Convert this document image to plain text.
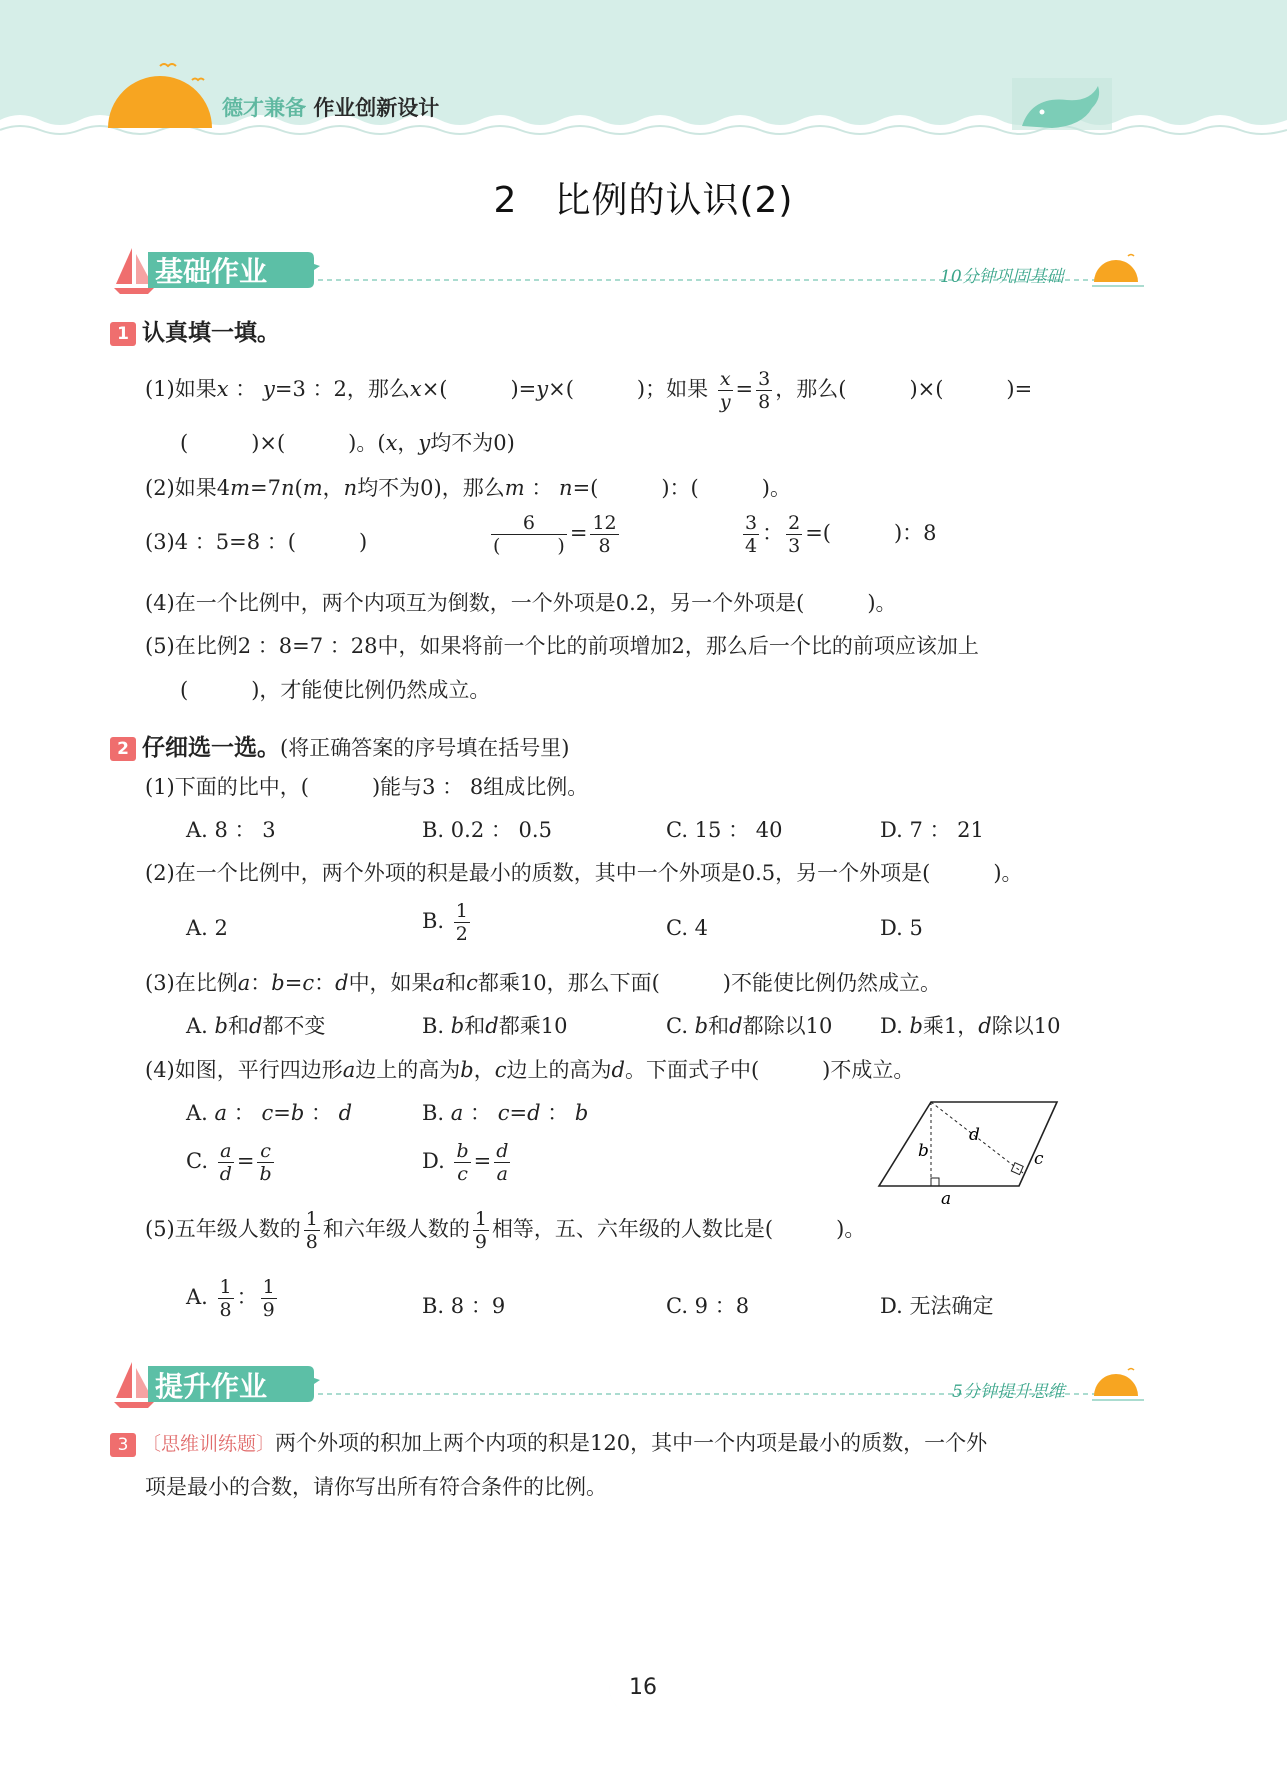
德才兼备 作业创新设计
2　比例的认识(2)
基础作业	10分钟巩固基础
1 认真填一填。
(1)如果x ： y=3 ：2，那么x×(　　　)=y×(　　　)；如果 $\frac{x}{y} = \frac{3}{8}$ ，那么(　　　)×(　　　)=
(　　　)×(　　　)。(x，y均不为0)
(2)如果4m=7n(m，n均不为0)，那么m ： n=(　　　)：(　　　)。
(3)4 ：5=8 ：(　　　)
6
(　　　)
= $\frac{12}{8}$	$\frac{3}{4}$ ： $\frac{2}{3}$ =(　　　)：8
(4)在一个比例中，两个内项互为倒数，一个外项是0.2，另一个外项是(　　　)。
(5)在比例2 ：8=7 ：28中，如果将前一个比的前项增加2，那么后一个比的前项应该加上
(　　　)，才能使比例仍然成立。
2 仔细选一选。(将正确答案的序号填在括号里)
(1)下面的比中，(　　　)能与3 ： 8组成比例。
A. 8 ： 3	B. 0.2 ： 0.5	C. 15 ： 40	D. 7 ： 21
(2)在一个比例中，两个外项的积是最小的质数，其中一个外项是0.5，另一个外项是(　　　)。
A. 2	B. $\frac{1}{2}$	C. 4	D. 5
(3)在比例a：b=c：d中，如果a和c都乘10，那么下面(　　　)不能使比例仍然成立。
A. b和d都不变	B. b和d都乘10	C. b和d都除以10 D. b乘1，d除以10
(4)如图，平行四边形a边上的高为b，c边上的高为d。下面式子中(　　　)不成立。
A. a ： c=b ： d	B. a ： c=d ： b
C. $\frac{a}{d} = \frac{c}{b}$	D. $\frac{b}{c} = \frac{d}{a}$	b
d
c
a
(5)五年级人数的 $\frac{1}{8}$ 和六年级人数的 $\frac{1}{9}$ 相等，五、六年级的人数比是(　　　)。
A. $\frac{1}{8}$ ： $\frac{1}{9}$	B. 8 ：9	C. 9 ：8	D. 无法确定
提升作业	5分钟提升思维
3 〔思维训练题〕两个外项的积加上两个内项的积是120，其中一个内项是最小的质数，一个外
项是最小的合数，请你写出所有符合条件的比例。
16
